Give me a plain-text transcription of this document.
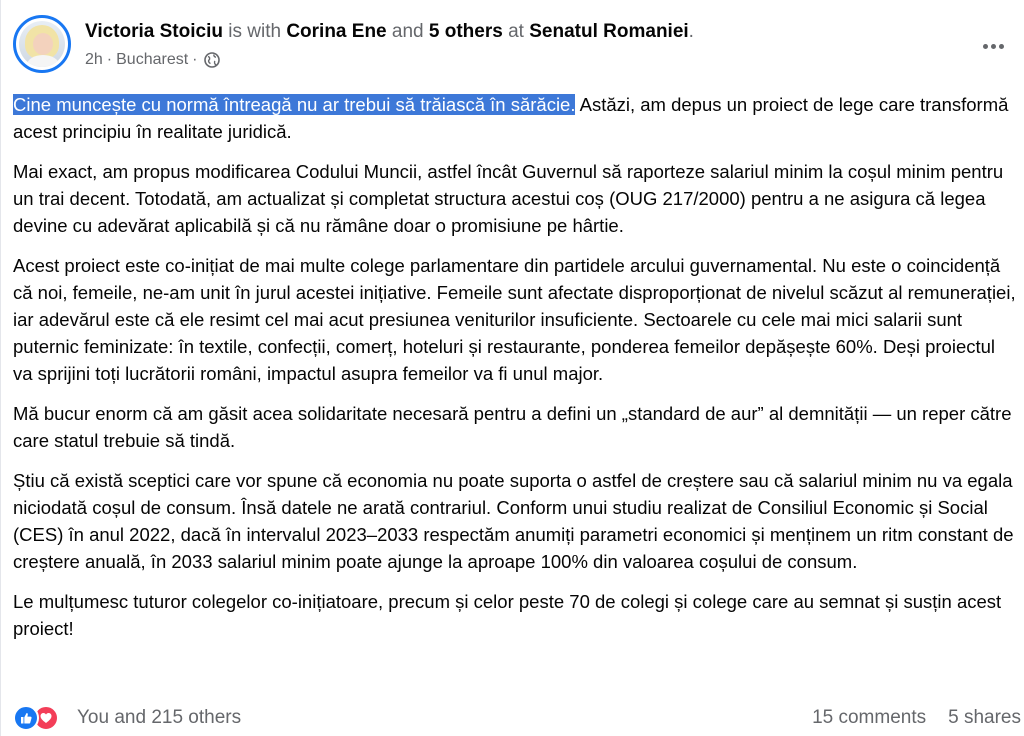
Victoria Stoiciu is with Corina Ene and 5 others at Senatul Romaniei.
2h · Bucharest ·

Cine muncește cu normă întreagă nu ar trebui să trăiască în sărăcie. Astăzi, am depus un proiect de lege care transformă acest principiu în realitate juridică.

Mai exact, am propus modificarea Codului Muncii, astfel încât Guvernul să raporteze salariul minim la coșul minim pentru un trai decent. Totodată, am actualizat și completat structura acestui coș (OUG 217/2000) pentru a ne asigura că legea devine cu adevărat aplicabilă și că nu rămâne doar o promisiune pe hârtie.

Acest proiect este co-inițiat de mai multe colege parlamentare din partidele arcului guvernamental. Nu este o coincidență că noi, femeile, ne-am unit în jurul acestei inițiative. Femeile sunt afectate disproporționat de nivelul scăzut al remunerației, iar adevărul este că ele resimt cel mai acut presiunea veniturilor insuficiente. Sectoarele cu cele mai mici salarii sunt puternic feminizate: în textile, confecții, comerț, hoteluri și restaurante, ponderea femeilor depășește 60%. Deși proiectul va sprijini toți lucrătorii români, impactul asupra femeilor va fi unul major.

Mă bucur enorm că am găsit acea solidaritate necesară pentru a defini un „standard de aur” al demnității — un reper către care statul trebuie să tindă.

Știu că există sceptici care vor spune că economia nu poate suporta o astfel de creștere sau că salariul minim nu va egala niciodată coșul de consum. Însă datele ne arată contrariul. Conform unui studiu realizat de Consiliul Economic și Social (CES) în anul 2022, dacă în intervalul 2023–2033 respectăm anumiți parametri economici și menținem un ritm constant de creștere anuală, în 2033 salariul minim poate ajunge la aproape 100% din valoarea coșului de consum.

Le mulțumesc tuturor colegelor co-inițiatoare, precum și celor peste 70 de colegi și colege care au semnat și susțin acest proiect!

You and 215 others	15 comments 5 shares
